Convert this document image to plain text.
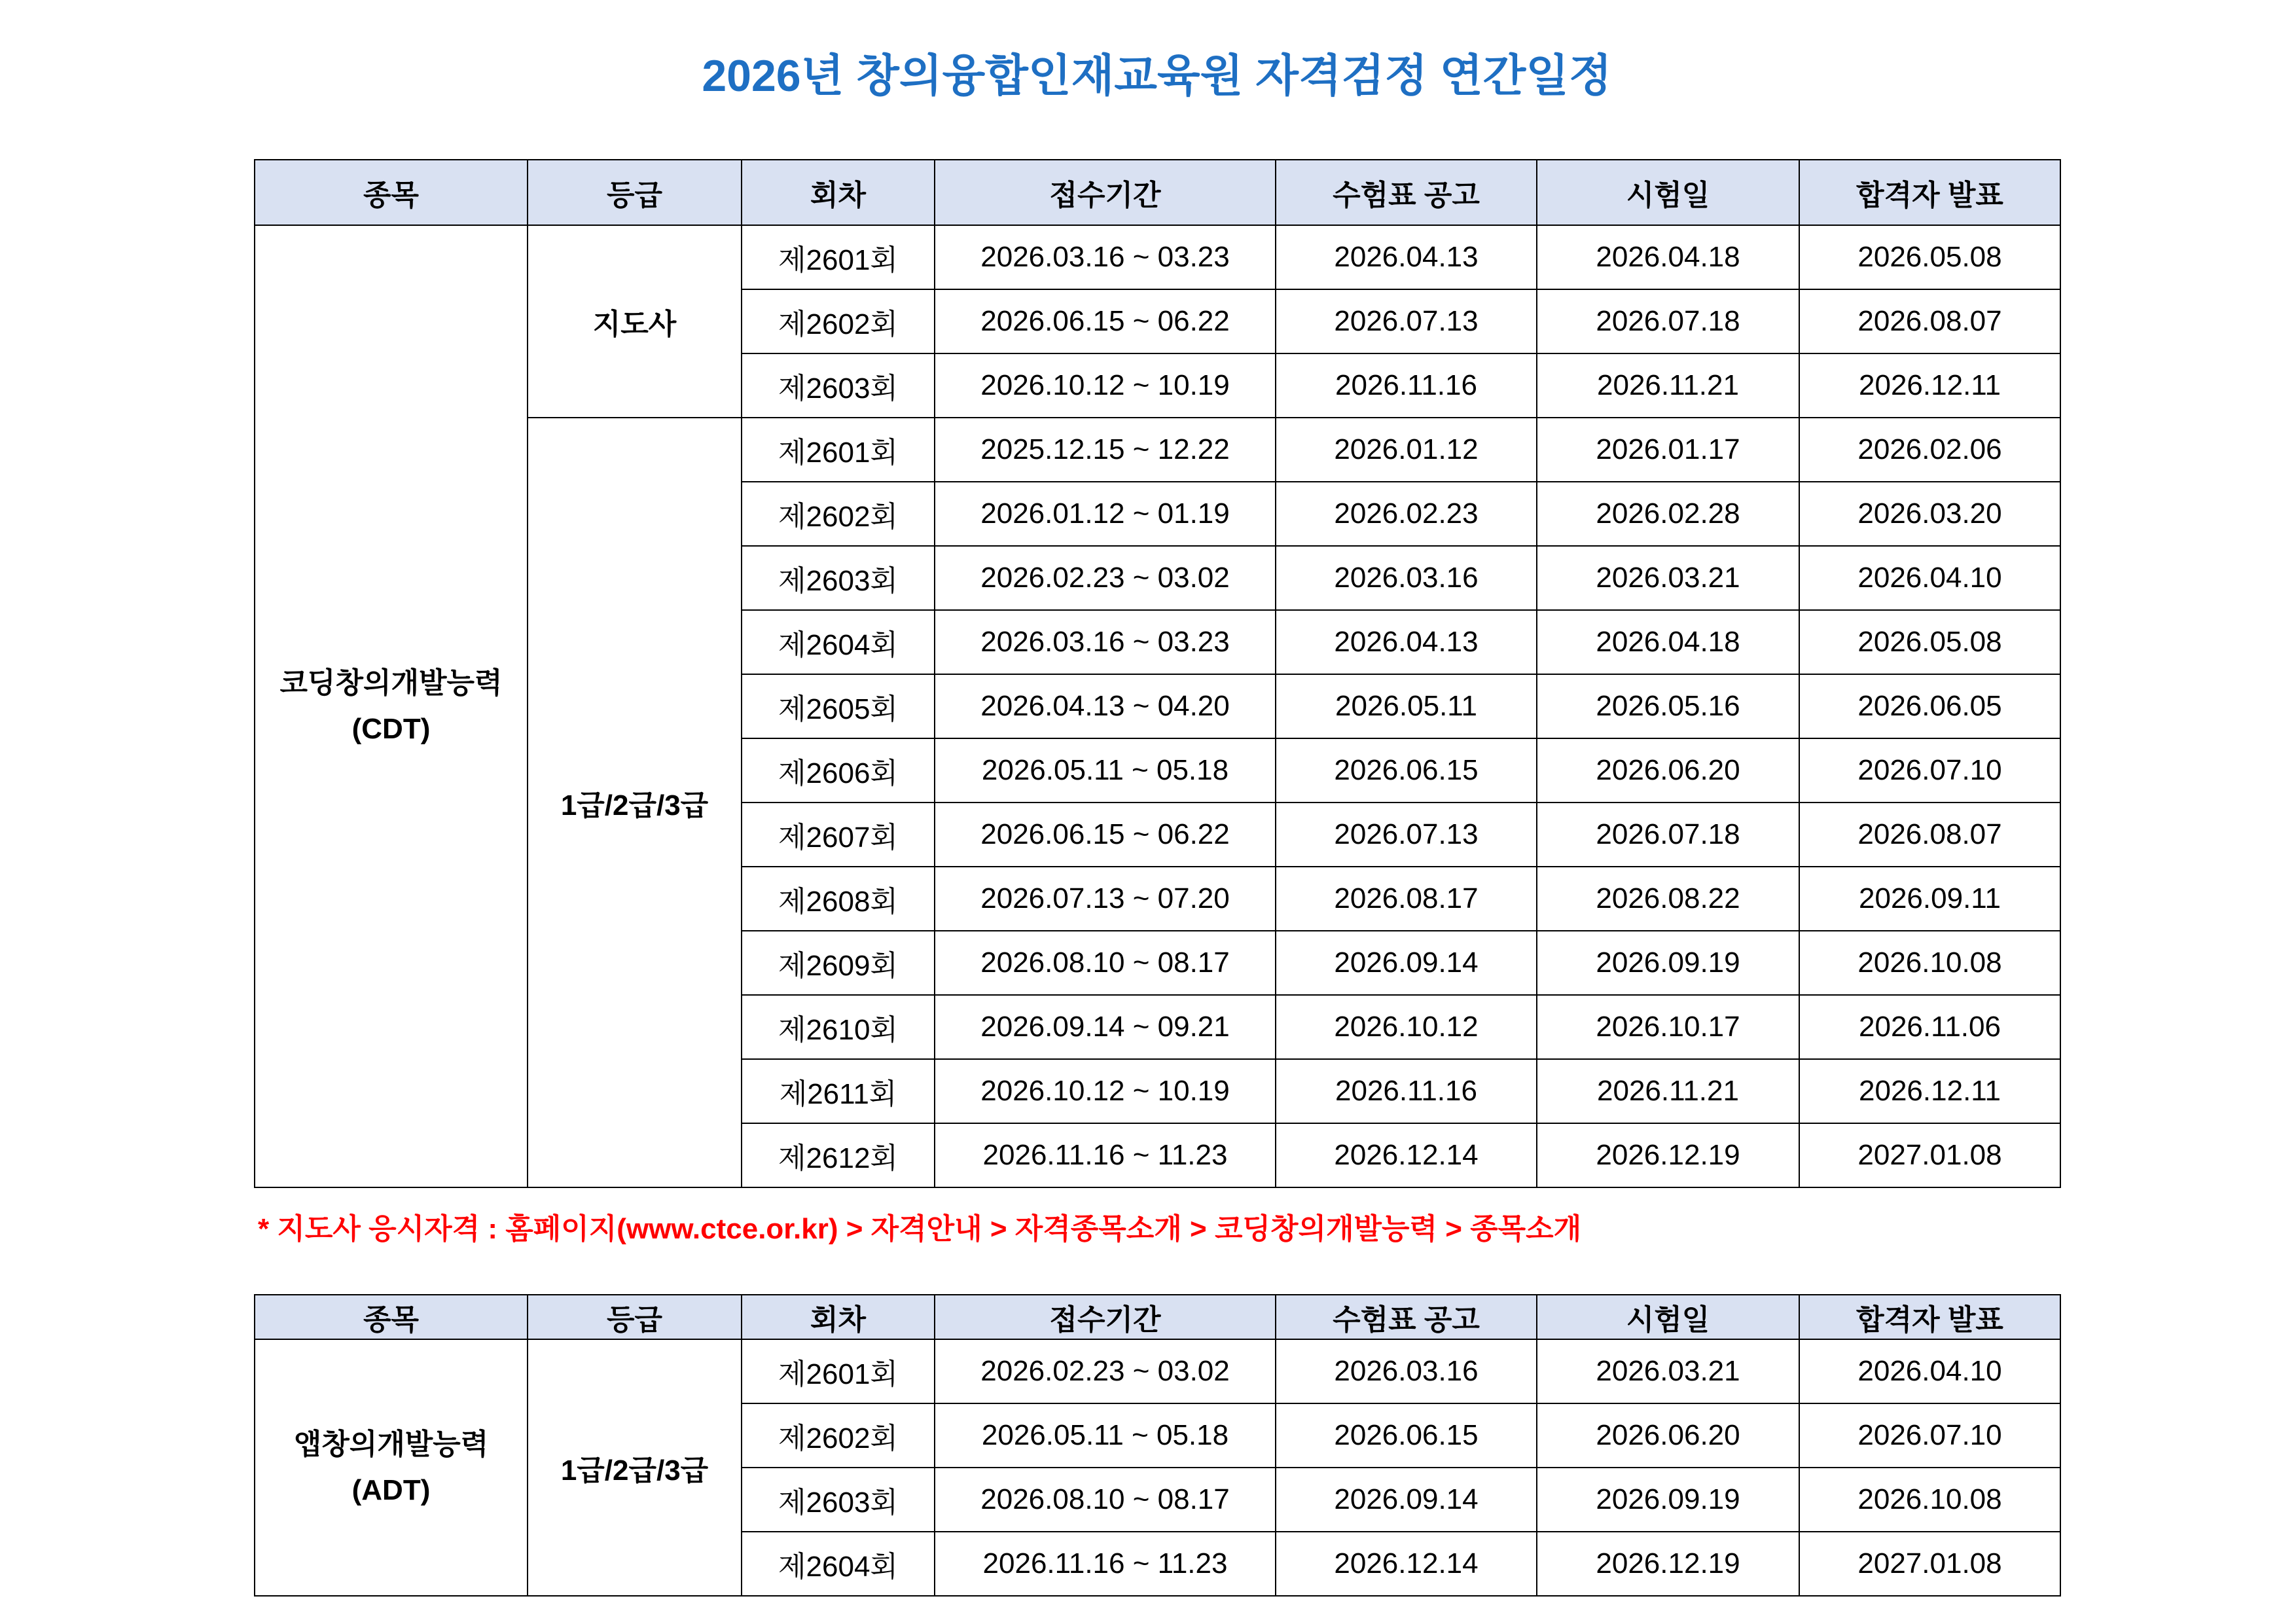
2026년 창의융합인재교육원 자격검정 연간일정
종목	등급	회차	접수기간	수험표 공고	시험일	합격자 발표

코딩창의개발능력
(CDT)	지도사	제2601회	2026.03.16 ~ 03.23	2026.04.13	2026.04.18	2026.05.08
		제2602회	2026.06.15 ~ 06.22	2026.07.13	2026.07.18	2026.08.07
		제2603회	2026.10.12 ~ 10.19	2026.11.16	2026.11.21	2026.12.11
	1급/2급/3급	제2601회	2025.12.15 ~ 12.22	2026.01.12	2026.01.17	2026.02.06
		제2602회	2026.01.12 ~ 01.19	2026.02.23	2026.02.28	2026.03.20
		제2603회	2026.02.23 ~ 03.02	2026.03.16	2026.03.21	2026.04.10
		제2604회	2026.03.16 ~ 03.23	2026.04.13	2026.04.18	2026.05.08
		제2605회	2026.04.13 ~ 04.20	2026.05.11	2026.05.16	2026.06.05
		제2606회	2026.05.11 ~ 05.18	2026.06.15	2026.06.20	2026.07.10
		제2607회	2026.06.15 ~ 06.22	2026.07.13	2026.07.18	2026.08.07
		제2608회	2026.07.13 ~ 07.20	2026.08.17	2026.08.22	2026.09.11
		제2609회	2026.08.10 ~ 08.17	2026.09.14	2026.09.19	2026.10.08
		제2610회	2026.09.14 ~ 09.21	2026.10.12	2026.10.17	2026.11.06
		제2611회	2026.10.12 ~ 10.19	2026.11.16	2026.11.21	2026.12.11
		제2612회	2026.11.16 ~ 11.23	2026.12.14	2026.12.19	2027.01.08
* 지도사 응시자격 : 홈페이지(www.ctce.or.kr) > 자격안내 > 자격종목소개 > 코딩창의개발능력 > 종목소개
종목	등급	회차	접수기간	수험표 공고	시험일	합격자 발표

앱창의개발능력
(ADT)	1급/2급/3급	제2601회	2026.02.23 ~ 03.02	2026.03.16	2026.03.21	2026.04.10
		제2602회	2026.05.11 ~ 05.18	2026.06.15	2026.06.20	2026.07.10
		제2603회	2026.08.10 ~ 08.17	2026.09.14	2026.09.19	2026.10.08
		제2604회	2026.11.16 ~ 11.23	2026.12.14	2026.12.19	2027.01.08
